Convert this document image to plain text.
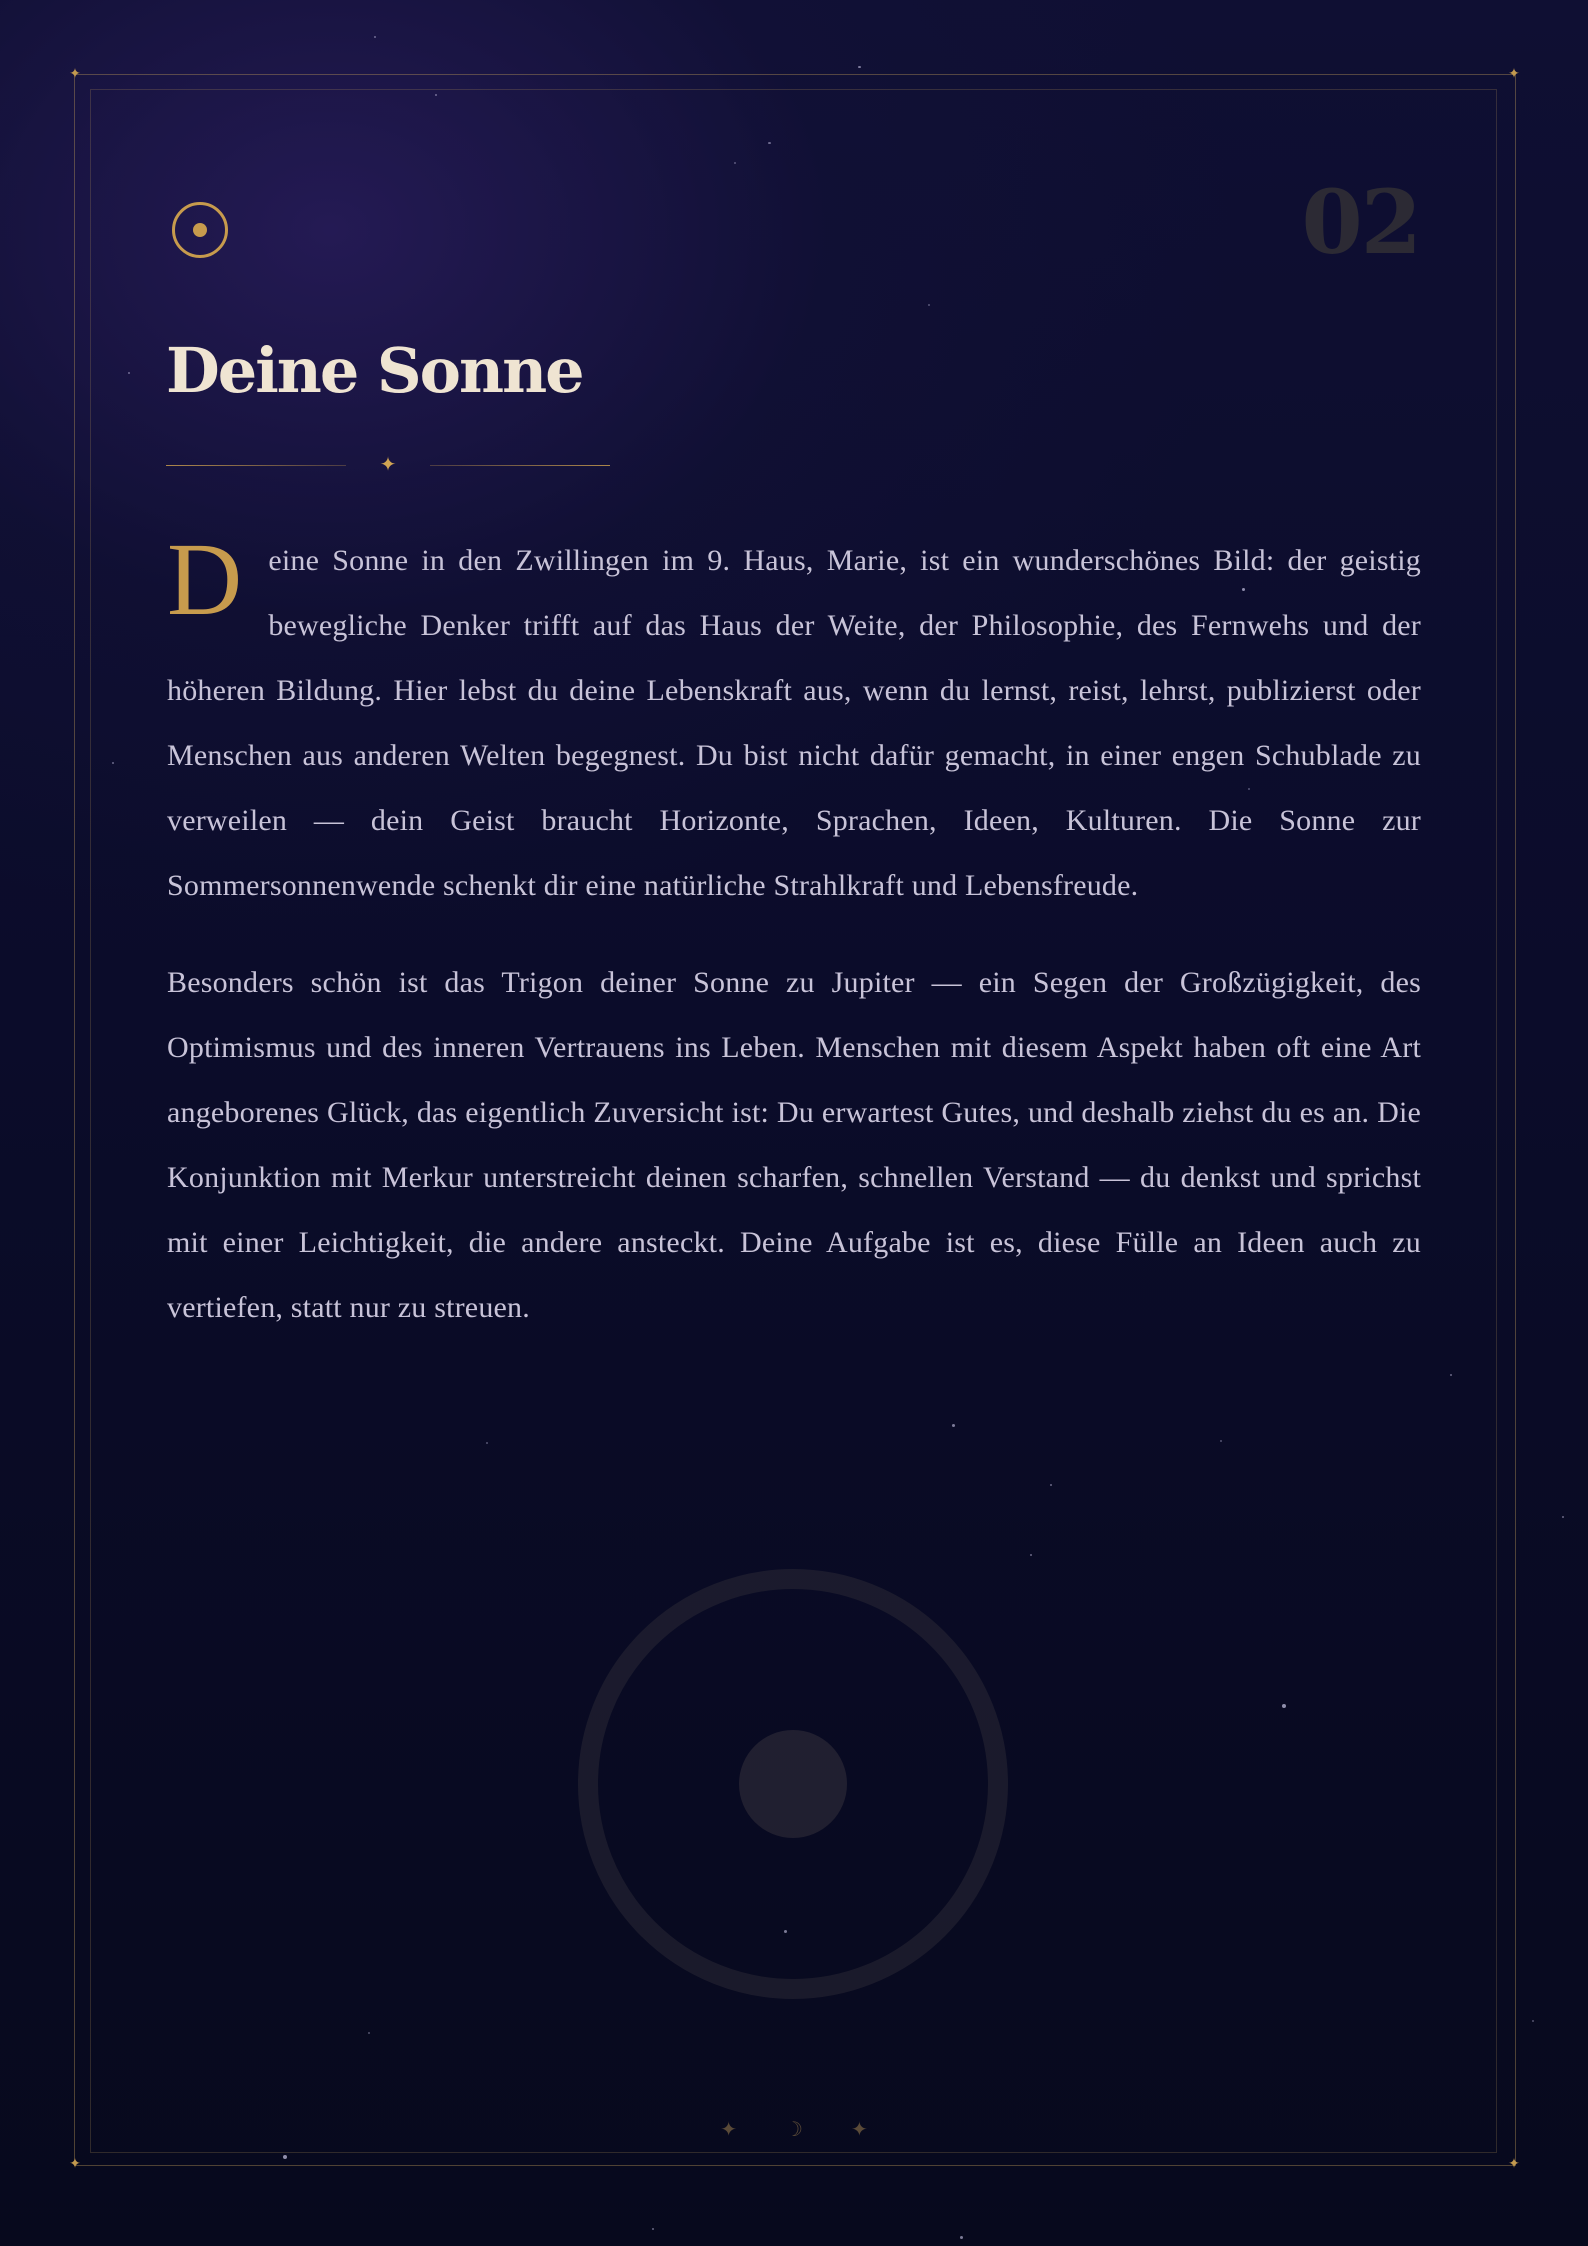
✦	✦
✦	✦
02
Deine Sonne
✦

Deine Sonne in den Zwillingen im 9. Haus, Marie, ist ein wunderschönes Bild: der geistig bewegliche Denker trifft auf das Haus der Weite, der Philosophie, des Fernwehs und der höheren Bildung. Hier lebst du deine Lebenskraft aus, wenn du lernst, reist, lehrst, publizierst oder Menschen aus anderen Welten begegnest. Du bist nicht dafür gemacht, in einer engen Schublade zu verweilen — dein Geist braucht Horizonte, Sprachen, Ideen, Kulturen. Die Sonne zur Sommersonnenwende schenkt dir eine natürliche Strahlkraft und Lebensfreude.

Besonders schön ist das Trigon deiner Sonne zu Jupiter — ein Segen der Großzügigkeit, des Optimismus und des inneren Vertrauens ins Leben. Menschen mit diesem Aspekt haben oft eine Art angeborenes Glück, das eigentlich Zuversicht ist: Du erwartest Gutes, und deshalb ziehst du es an. Die Konjunktion mit Merkur unterstreicht deinen scharfen, schnellen Verstand — du denkst und sprichst mit einer Leichtigkeit, die andere ansteckt. Deine Aufgabe ist es, diese Fülle an Ideen auch zu vertiefen, statt nur zu streuen.

✦ ☽ ✦
